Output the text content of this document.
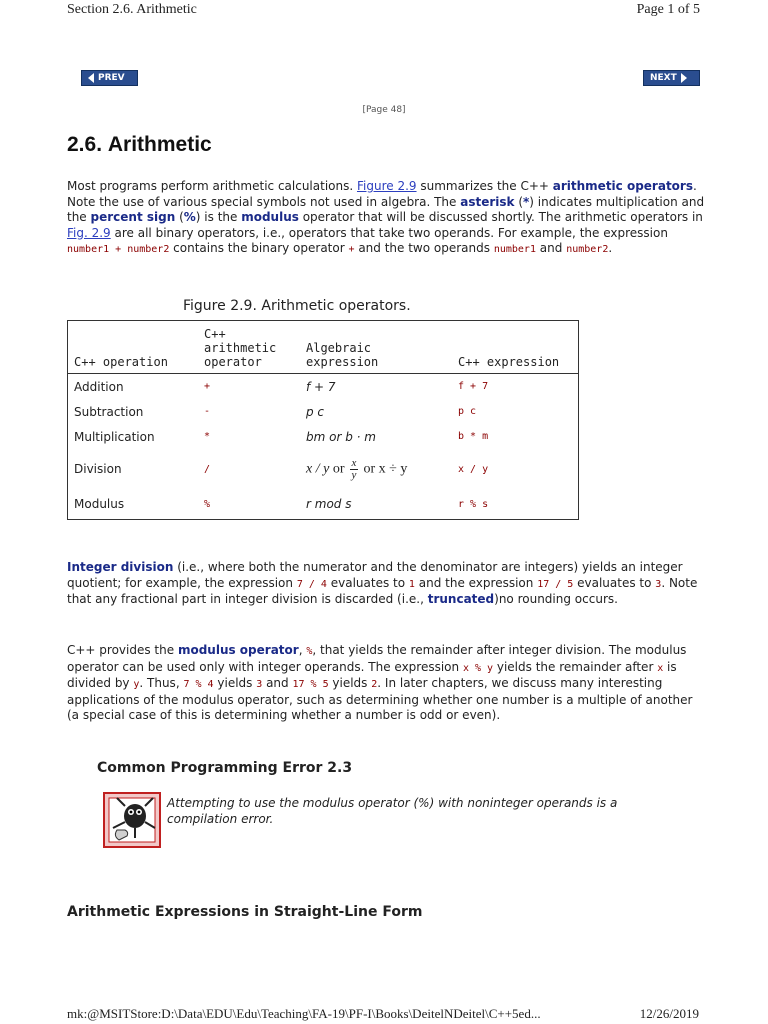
Section 2.6. Arithmetic	Page 1 of 5
PREV	NEXT
[Page 48]
2.6. Arithmetic

Most programs perform arithmetic calculations. Figure 2.9 summarizes the C++ arithmetic operators. Note the use of various special symbols not used in algebra. The asterisk (*) indicates multiplication and the percent sign (%) is the modulus operator that will be discussed shortly. The arithmetic operators in Fig. 2.9 are all binary operators, i.e., operators that take two operands. For example, the expression number1 + number2 contains the binary operator + and the two operands number1 and number2.

Figure 2.9. Arithmetic operators.
C++ operation	C++ arithmetic operator	Algebraic expression	C++ expression
Addition	+	f + 7	f + 7
Subtraction	-	p c	p c
Multiplication	*	bm or b · m	b * m
Division	/	x / y or $\frac{x}{y}$ or x ÷ y	x / y
Modulus	%	r mod s	r % s

Integer division (i.e., where both the numerator and the denominator are integers) yields an integer quotient; for example, the expression 7 / 4 evaluates to 1 and the expression 17 / 5 evaluates to 3. Note that any fractional part in integer division is discarded (i.e., truncated)no rounding occurs.

C++ provides the modulus operator, %, that yields the remainder after integer division. The modulus operator can be used only with integer operands. The expression x % y yields the remainder after x is divided by y. Thus, 7 % 4 yields 3 and 17 % 5 yields 2. In later chapters, we discuss many interesting applications of the modulus operator, such as determining whether one number is a multiple of another (a special case of this is determining whether a number is odd or even).

Common Programming Error 2.3
Attempting to use the modulus operator (%) with noninteger operands is a compilation error.
Arithmetic Expressions in Straight-Line Form
mk:@MSITStore:D:\Data\EDU\Edu\Teaching\FA-19\PF-I\Books\DeitelNDeitel\C++5ed...	12/26/2019
